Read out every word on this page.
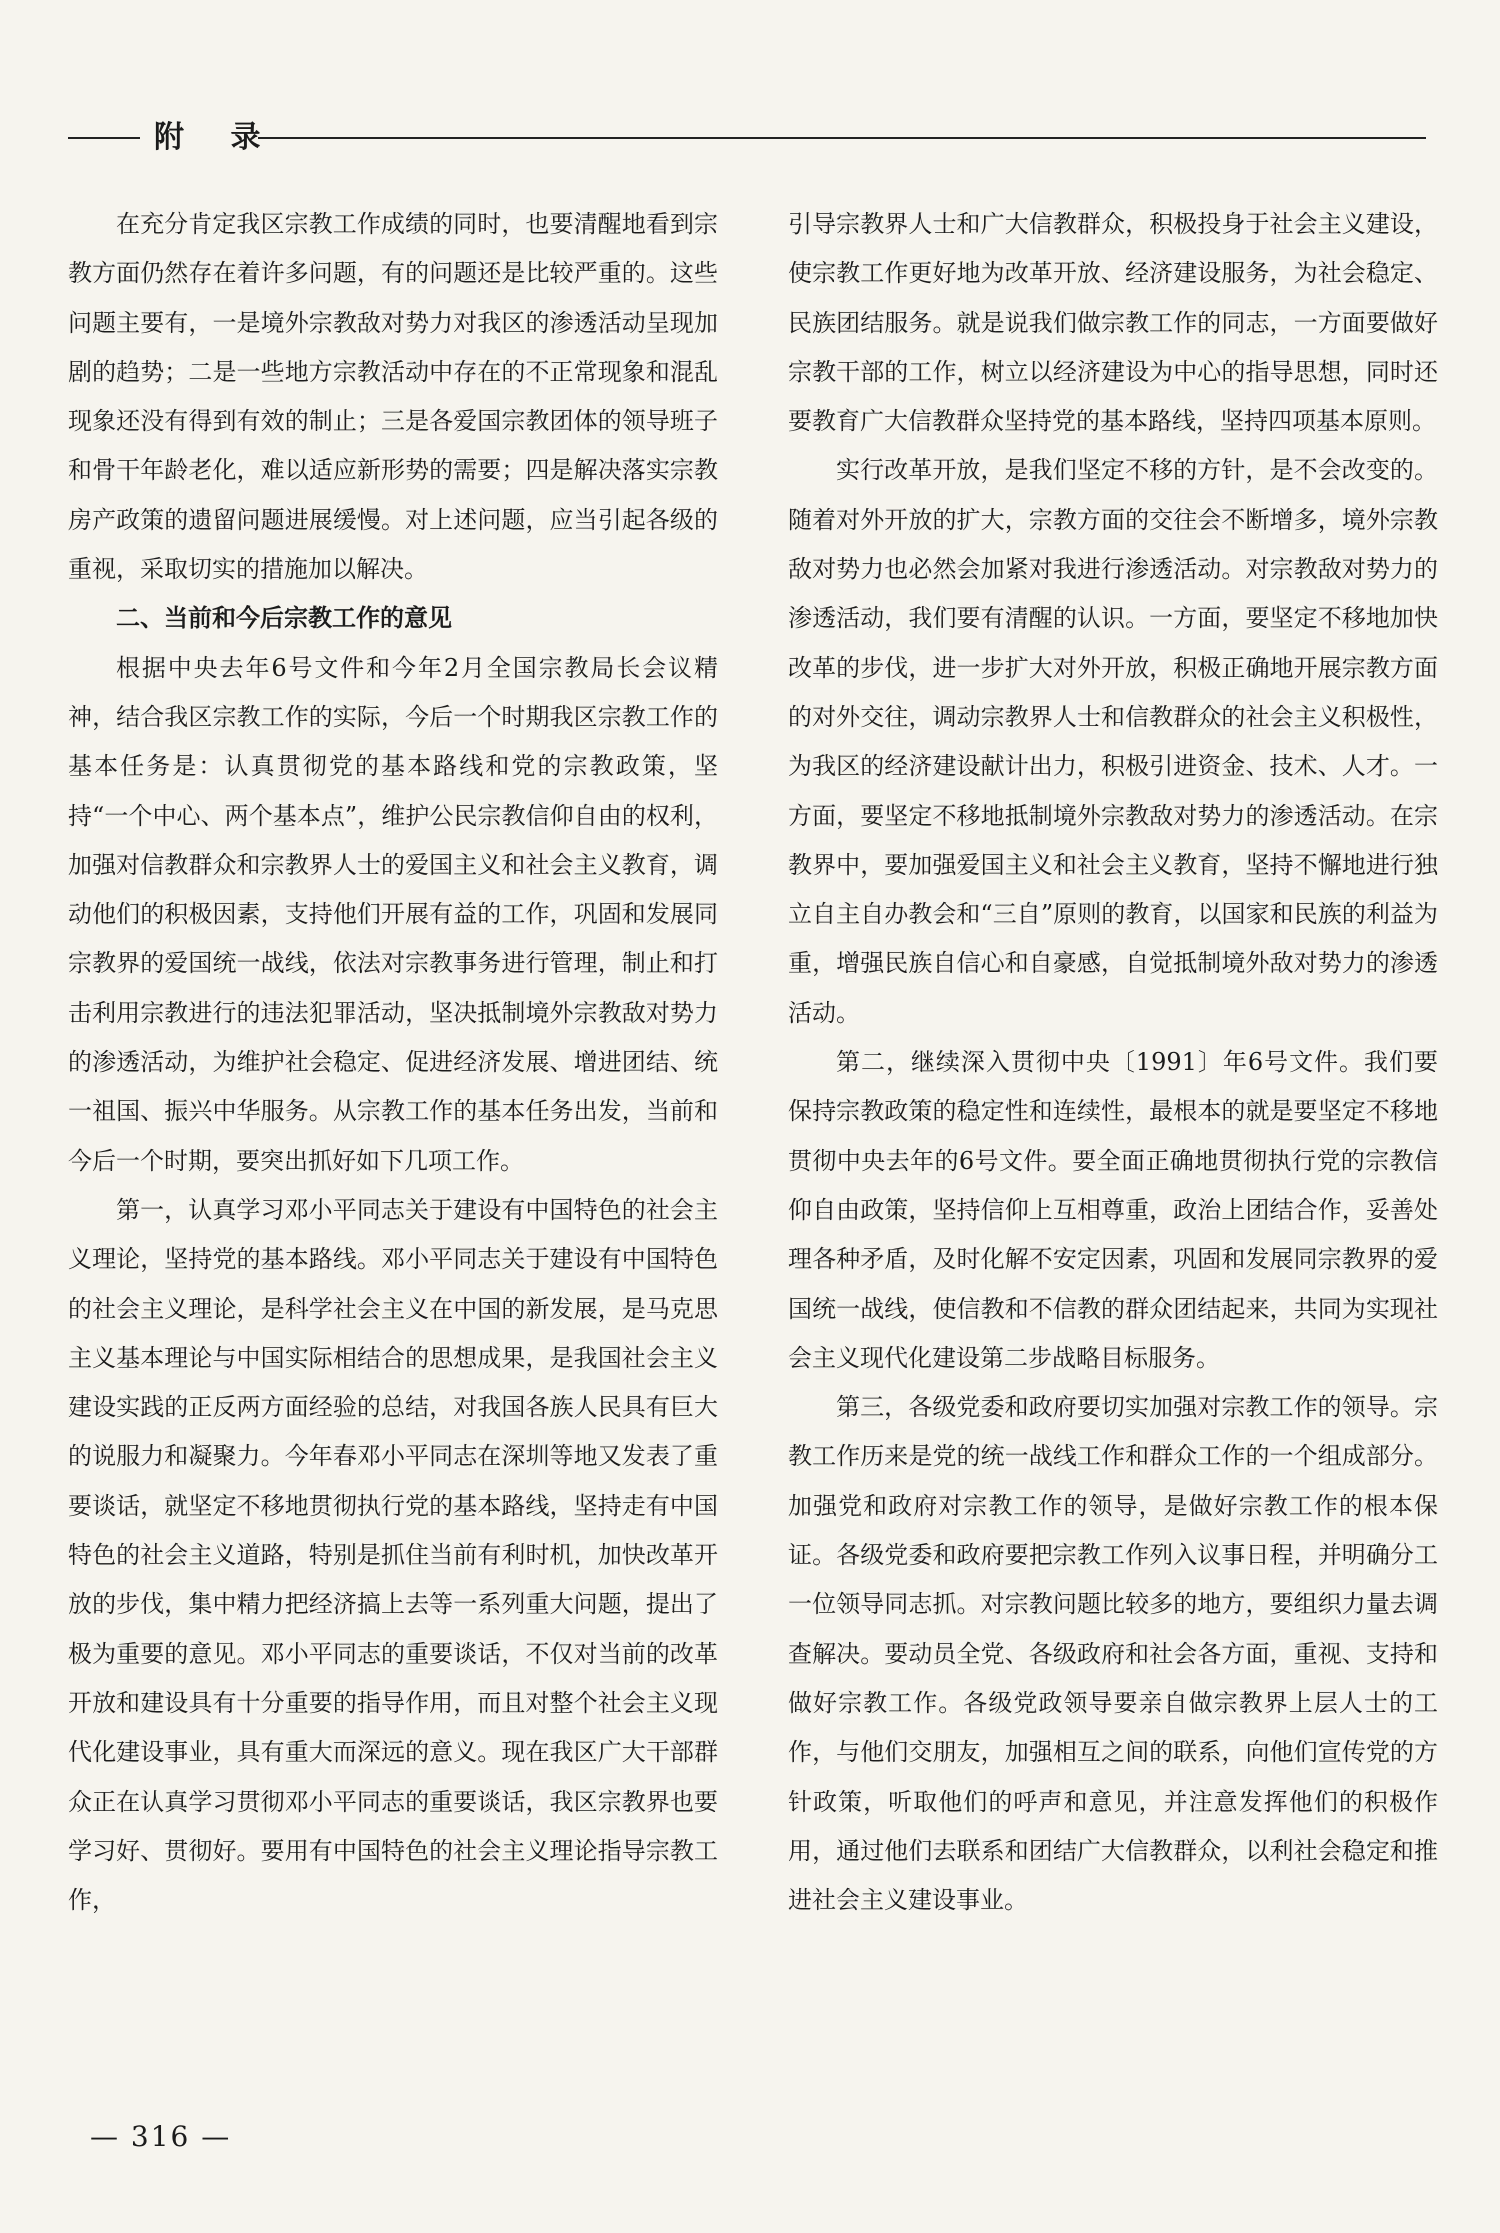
附 录

在充分肯定我区宗教工作成绩的同时，也要清醒地看到宗教方面仍然存在着许多问题，有的问题还是比较严重的。这些问题主要有，一是境外宗教敌对势力对我区的渗透活动呈现加剧的趋势；二是一些地方宗教活动中存在的不正常现象和混乱现象还没有得到有效的制止；三是各爱国宗教团体的领导班子和骨干年龄老化，难以适应新形势的需要；四是解决落实宗教房产政策的遗留问题进展缓慢。对上述问题，应当引起各级的重视，采取切实的措施加以解决。

二、当前和今后宗教工作的意见

根据中央去年6号文件和今年2月全国宗教局长会议精神，结合我区宗教工作的实际，今后一个时期我区宗教工作的基本任务是：认真贯彻党的基本路线和党的宗教政策，坚持“一个中心、两个基本点”，维护公民宗教信仰自由的权利，加强对信教群众和宗教界人士的爱国主义和社会主义教育，调动他们的积极因素，支持他们开展有益的工作，巩固和发展同宗教界的爱国统一战线，依法对宗教事务进行管理，制止和打击利用宗教进行的违法犯罪活动，坚决抵制境外宗教敌对势力的渗透活动，为维护社会稳定、促进经济发展、增进团结、统一祖国、振兴中华服务。从宗教工作的基本任务出发，当前和今后一个时期，要突出抓好如下几项工作。

第一，认真学习邓小平同志关于建设有中国特色的社会主义理论，坚持党的基本路线。邓小平同志关于建设有中国特色的社会主义理论，是科学社会主义在中国的新发展，是马克思主义基本理论与中国实际相结合的思想成果，是我国社会主义建设实践的正反两方面经验的总结，对我国各族人民具有巨大的说服力和凝聚力。今年春邓小平同志在深圳等地又发表了重要谈话，就坚定不移地贯彻执行党的基本路线，坚持走有中国特色的社会主义道路，特别是抓住当前有利时机，加快改革开放的步伐，集中精力把经济搞上去等一系列重大问题，提出了极为重要的意见。邓小平同志的重要谈话，不仅对当前的改革开放和建设具有十分重要的指导作用，而且对整个社会主义现代化建设事业，具有重大而深远的意义。现在我区广大干部群众正在认真学习贯彻邓小平同志的重要谈话，我区宗教界也要学习好、贯彻好。要用有中国特色的社会主义理论指导宗教工作，

引导宗教界人士和广大信教群众，积极投身于社会主义建设，使宗教工作更好地为改革开放、经济建设服务，为社会稳定、民族团结服务。就是说我们做宗教工作的同志，一方面要做好宗教干部的工作，树立以经济建设为中心的指导思想，同时还要教育广大信教群众坚持党的基本路线，坚持四项基本原则。

实行改革开放，是我们坚定不移的方针，是不会改变的。随着对外开放的扩大，宗教方面的交往会不断增多，境外宗教敌对势力也必然会加紧对我进行渗透活动。对宗教敌对势力的渗透活动，我们要有清醒的认识。一方面，要坚定不移地加快改革的步伐，进一步扩大对外开放，积极正确地开展宗教方面的对外交往，调动宗教界人士和信教群众的社会主义积极性，为我区的经济建设献计出力，积极引进资金、技术、人才。一方面，要坚定不移地抵制境外宗教敌对势力的渗透活动。在宗教界中，要加强爱国主义和社会主义教育，坚持不懈地进行独立自主自办教会和“三自”原则的教育，以国家和民族的利益为重，增强民族自信心和自豪感，自觉抵制境外敌对势力的渗透活动。

第二，继续深入贯彻中央〔1991〕年6号文件。我们要保持宗教政策的稳定性和连续性，最根本的就是要坚定不移地贯彻中央去年的6号文件。要全面正确地贯彻执行党的宗教信仰自由政策，坚持信仰上互相尊重，政治上团结合作，妥善处理各种矛盾，及时化解不安定因素，巩固和发展同宗教界的爱国统一战线，使信教和不信教的群众团结起来，共同为实现社会主义现代化建设第二步战略目标服务。

第三，各级党委和政府要切实加强对宗教工作的领导。宗教工作历来是党的统一战线工作和群众工作的一个组成部分。加强党和政府对宗教工作的领导，是做好宗教工作的根本保证。各级党委和政府要把宗教工作列入议事日程，并明确分工一位领导同志抓。对宗教问题比较多的地方，要组织力量去调查解决。要动员全党、各级政府和社会各方面，重视、支持和做好宗教工作。各级党政领导要亲自做宗教界上层人士的工作，与他们交朋友，加强相互之间的联系，向他们宣传党的方针政策，听取他们的呼声和意见，并注意发挥他们的积极作用，通过他们去联系和团结广大信教群众，以利社会稳定和推进社会主义建设事业。

— 316 —
